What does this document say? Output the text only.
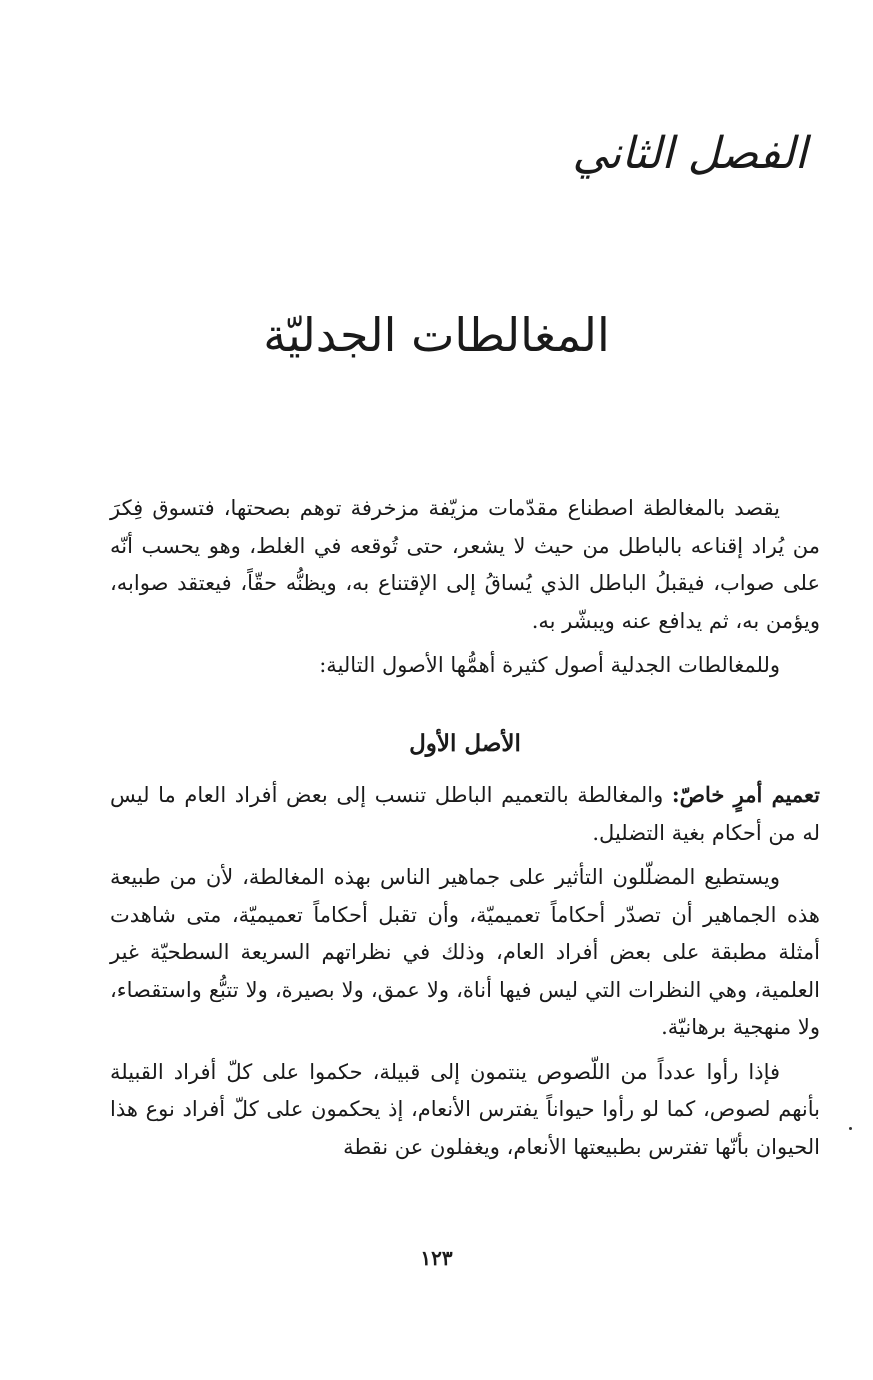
الفصل الثاني
المغالطات الجدليّة

يقصد بالمغالطة اصطناع مقدّمات مزيّفة مزخرفة توهم بصحتها، فتسوق فِكرَ من يُراد إقناعه بالباطل من حيث لا يشعر، حتى تُوقعه في الغلط، وهو يحسب أنّه على صواب، فيقبلُ الباطل الذي يُساقُ إلى الإقتناع به، ويظنُّه حقّاً، فيعتقد صوابه، ويؤمن به، ثم يدافع عنه ويبشّر به.

وللمغالطات الجدلية أصول كثيرة أهمُّها الأصول التالية:

الأصل الأول

تعميم أمرٍ خاصّ: والمغالطة بالتعميم الباطل تنسب إلى بعض أفراد العام ما ليس له من أحكام بغية التضليل.

ويستطيع المضلّلون التأثير على جماهير الناس بهذه المغالطة، لأن من طبيعة هذه الجماهير أن تصدّر أحكاماً تعميميّة، وأن تقبل أحكاماً تعميميّة، متى شاهدت أمثلة مطبقة على بعض أفراد العام، وذلك في نظراتهم السريعة السطحيّة غير العلمية، وهي النظرات التي ليس فيها أناة، ولا عمق، ولا بصيرة، ولا تتبُّع واستقصاء، ولا منهجية برهانيّة.

فإذا رأوا عدداً من اللّصوص ينتمون إلى قبيلة، حكموا على كلّ أفراد القبيلة بأنهم لصوص، كما لو رأوا حيواناً يفترس الأنعام، إذ يحكمون على كلّ أفراد نوع هذا الحيوان بأنّها تفترس بطبيعتها الأنعام، ويغفلون عن نقطة

١٢٣
